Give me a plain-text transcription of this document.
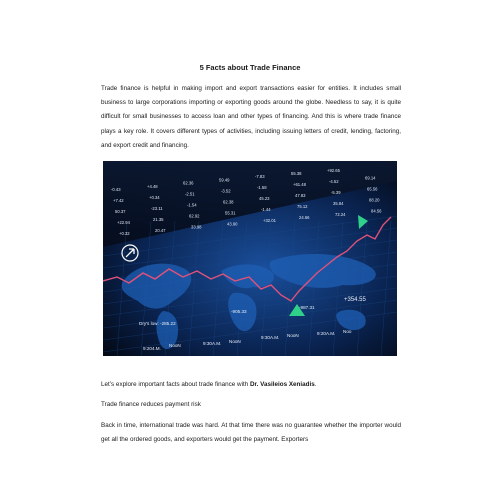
5 Facts about Trade Finance

Trade finance is helpful in making import and export transactions easier for entities. It includes small business to large corporations importing or exporting goods around the globe. Needless to say, it is quite difficult for small businesses to access loan and other types of financing. And this is where trade finance plays a key role. It covers different types of activities, including issuing letters of credit, lending, factoring, and export credit and financing.

-0.43
+4.48
62.36
59.49
-7.83
55.38
+92.65
+7.42
+0.34
-2.51
-3.52
-1.58
+61.48
-4.52
69.14
50.37
-23.11
-1.54
62.38
45.23
47.83
-5.39
65.56
+22.94
21.35
62.92
55.31
-1.44
75.12
35.84
88.20
+0.32
20.47
33.98
43.90
+32.01
24.66
72.24
84.56
+354.55
-987.31
-905.33
Dry's low: -285.22
9:204.M.
NooN	9:30A.M. NooN
9:30A.M. NooN	9:20A.M. Noo
Let’s explore important facts about trade finance with Dr. Vasileios Xeniadis.
Trade finance reduces payment risk

Back in time, international trade was hard. At that time there was no guarantee whether the importer would get all the ordered goods, and exporters would get the payment. Exporters
